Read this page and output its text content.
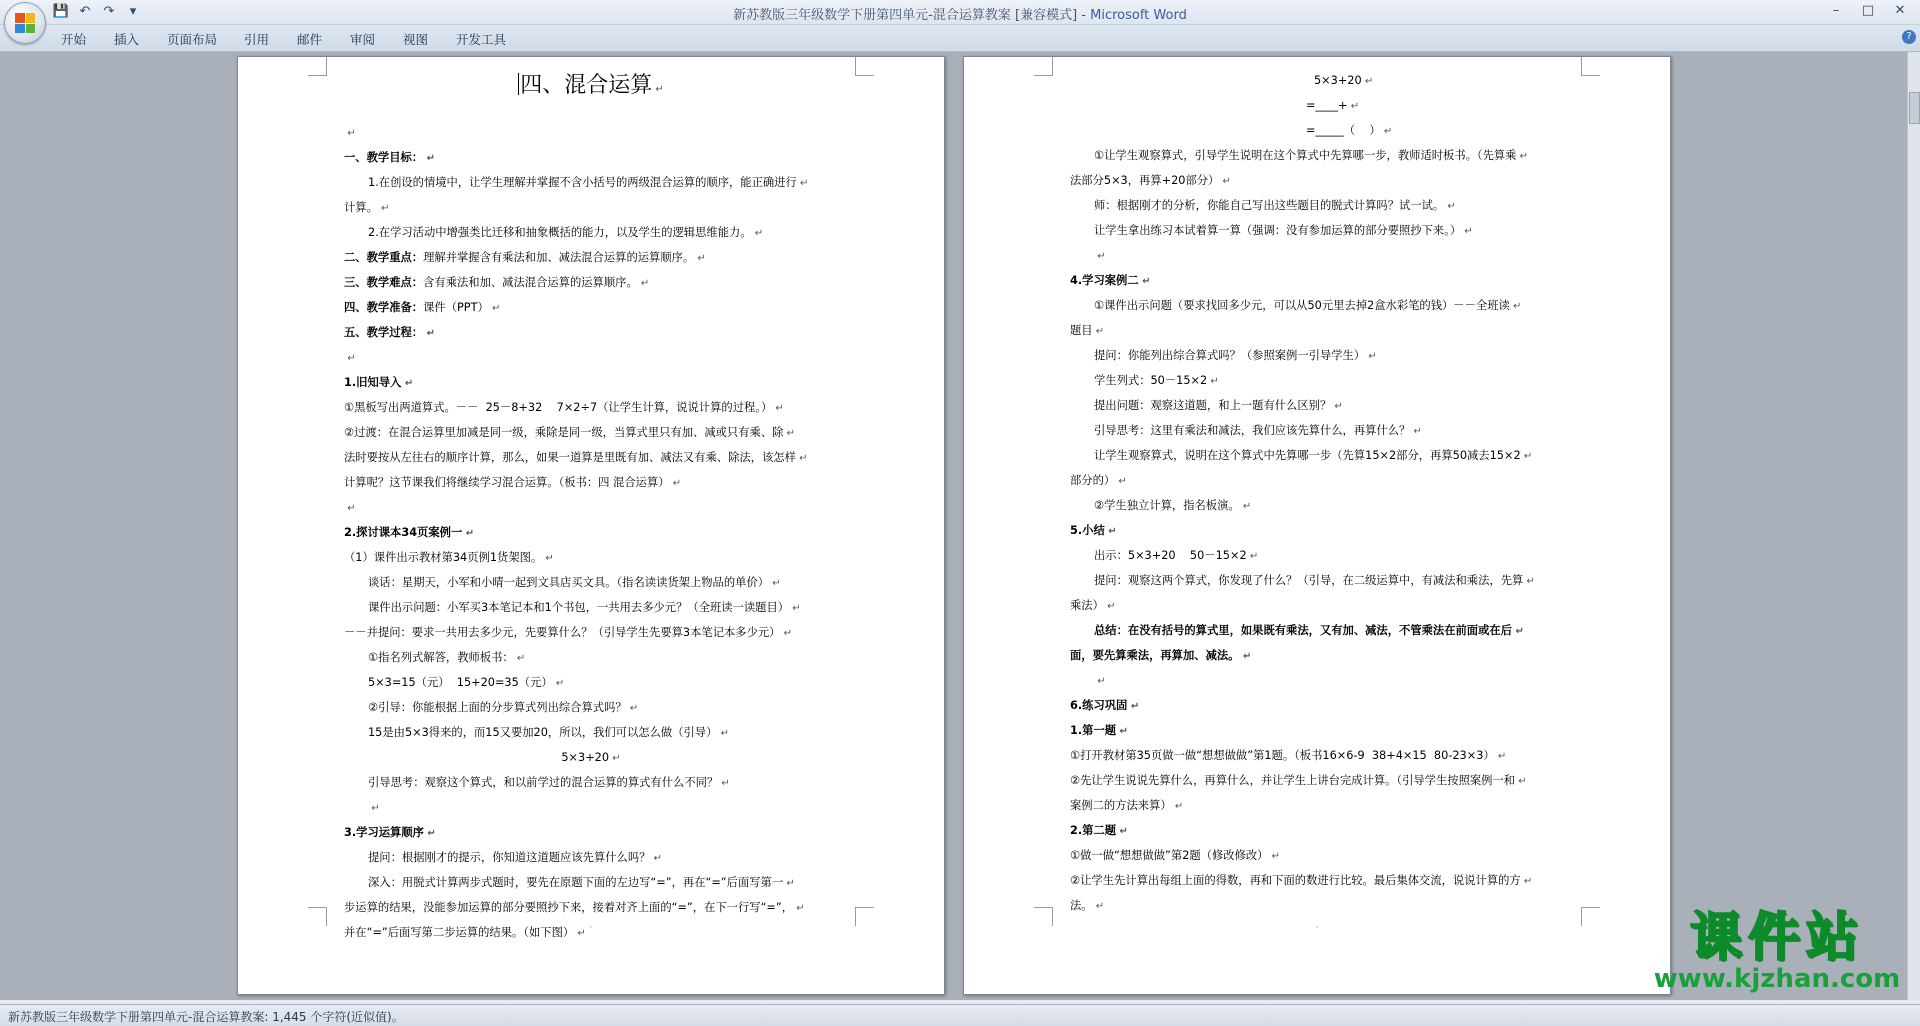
💾 ↶ ↷	▾	新苏教版三年级数学下册第四单元-混合运算教案 [兼容模式] - Microsoft Word	–	□	✕
开始 插入 页面布局 引用 邮件 审阅 视图 开发工具	?
四、混合运算 ↵
↵
一、教学目标： ↵
1.在创设的情境中，让学生理解并掌握不含小括号的两级混合运算的顺序，能正确进行 ↵
计算。 ↵
2.在学习活动中增强类比迁移和抽象概括的能力，以及学生的逻辑思维能力。 ↵
二、教学重点：理解并掌握含有乘法和加、减法混合运算的运算顺序。 ↵
三、教学难点：含有乘法和加、减法混合运算的运算顺序。 ↵
四、教学准备：课件（PPT） ↵
五、教学过程： ↵
↵
1.旧知导入 ↵
①黑板写出两道算式。－－  25－8+32    7×2÷7（让学生计算，说说计算的过程。） ↵
②过渡：在混合运算里加减是同一级，乘除是同一级，当算式里只有加、减或只有乘、除 ↵
法时要按从左往右的顺序计算，那么，如果一道算是里既有加、减法又有乘、除法，该怎样 ↵
计算呢？这节课我们将继续学习混合运算。（板书：四 混合运算） ↵
↵
2.探讨课本34页案例一 ↵
（1）课件出示教材第34页例1货架图。 ↵
谈话：星期天，小军和小晴一起到文具店买文具。（指名读读货架上物品的单价） ↵
课件出示问题：小军买3本笔记本和1个书包，一共用去多少元？（全班读一读题目） ↵
－－并提问：要求一共用去多少元，先要算什么？（引导学生先要算3本笔记本多少元） ↵
①指名列式解答，教师板书： ↵
5×3=15（元）  15+20=35（元） ↵
②引导：你能根据上面的分步算式列出综合算式吗？ ↵
15是由5×3得来的，而15又要加20，所以，我们可以怎么做（引导） ↵
5×3+20 ↵
引导思考：观察这个算式，和以前学过的混合运算的算式有什么不同？ ↵
↵
3.学习运算顺序 ↵
提问：根据刚才的提示，你知道这道题应该先算什么吗？ ↵
深入：用脱式计算两步式题时，要先在原题下面的左边写“=”，再在“=”后面写第一 ↵
步运算的结果，没能参加运算的部分要照抄下来，接着对齐上面的“=”，在下一行写“=”， ↵
并在“=”后面写第二步运算的结果。（如下图） ↵ ·
5×3+20 ↵
=____+ ↵
=_____（    ） ↵
①让学生观察算式，引导学生说明在这个算式中先算哪一步，教师适时板书。（先算乘 ↵
法部分5×3，再算+20部分） ↵
师：根据刚才的分析，你能自己写出这些题目的脱式计算吗？试一试。 ↵
让学生拿出练习本试着算一算（强调：没有参加运算的部分要照抄下来。） ↵
↵
4.学习案例二 ↵
①课件出示问题（要求找回多少元，可以从50元里去掉2盒水彩笔的钱）－－全班读 ↵
题目 ↵
提问：你能列出综合算式吗？（参照案例一引导学生） ↵
学生列式：50－15×2 ↵
提出问题：观察这道题，和上一题有什么区别？ ↵
引导思考：这里有乘法和减法，我们应该先算什么，再算什么？ ↵
让学生观察算式，说明在这个算式中先算哪一步（先算15×2部分，再算50减去15×2 ↵
部分的） ↵
②学生独立计算，指名板演。 ↵
5.小结 ↵
出示：5×3+20    50－15×2 ↵
提问：观察这两个算式，你发现了什么？（引导，在二级运算中，有减法和乘法，先算 ↵
乘法） ↵
总结：在没有括号的算式里，如果既有乘法，又有加、减法，不管乘法在前面或在后 ↵
面，要先算乘法，再算加、减法。 ↵
↵
6.练习巩固 ↵
1.第一题 ↵
①打开教材第35页做一做“想想做做”第1题。（板书16×6-9  38+4×15  80-23×3） ↵
②先让学生说说先算什么，再算什么，并让学生上讲台完成计算。（引导学生按照案例一和 ↵
案例二的方法来算） ↵
2.第二题 ↵
①做一做“想想做做”第2题（修改修改） ↵
②让学生先计算出每组上面的得数，再和下面的数进行比较。最后集体交流，说说计算的方 ↵
法。 ↵
·	课件站
www.kjzhan.com
新苏教版三年级数学下册第四单元-混合运算教案: 1,445 个字符(近似值)。
